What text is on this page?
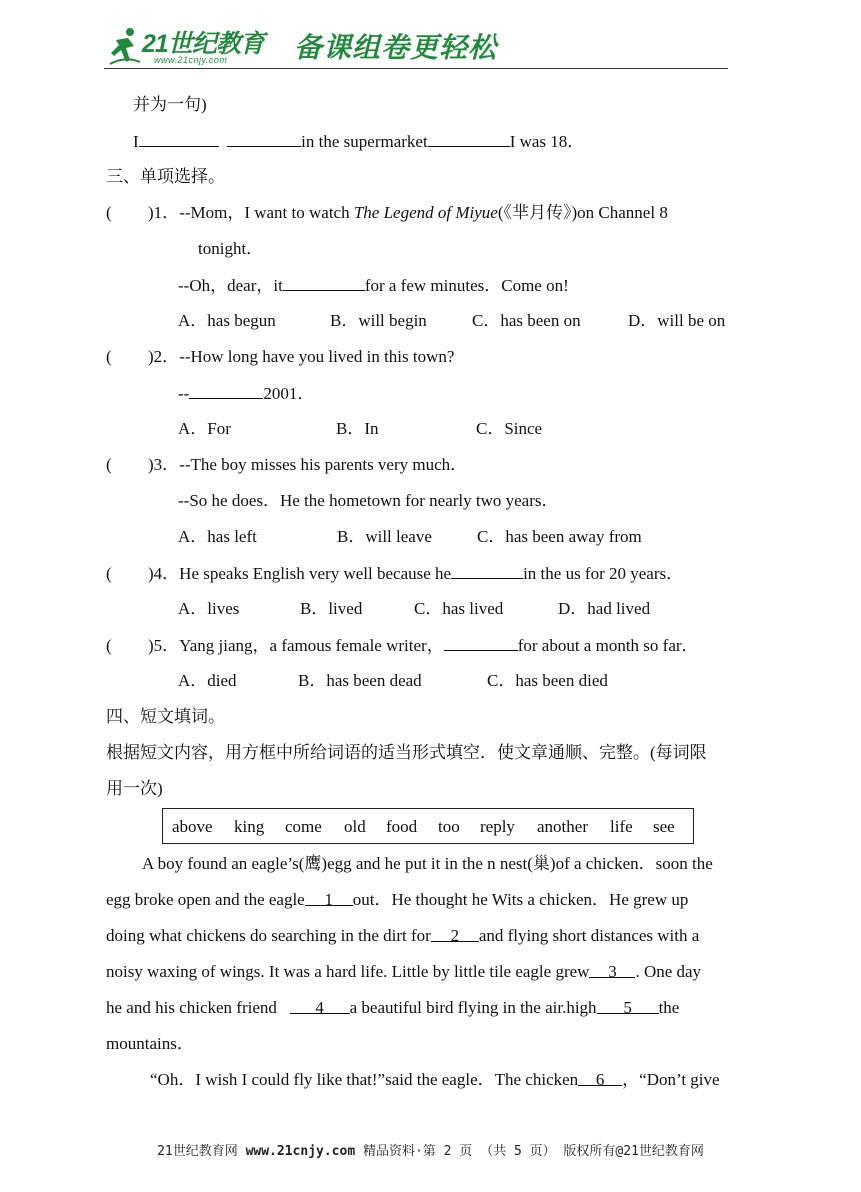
21世纪教育
www.21cnjy.com 备课组卷更轻松
并为一句)
I	in the supermarket	I was 18．
三、单项选择。
( )1．--Mom，I want to watch The Legend of Miyue(《芈月传》)on Channel 8
tonight．
--Oh，dear，it	for a few minutes．Come on!
A．has begun	B．will begin	C．has been on	D．will be on
( )2．--How long have you lived in this town?
--	2001．
A．For	B．In	C．Since
( )3．--The boy misses his parents very much．
--So he does．He the hometown for nearly two years．
A．has left	B．will leave	C．has been away from
( )4．He speaks English very well because he	in the us for 20 years．
A．lives	B．lived	C．has lived	D．had lived
( )5．Yang jiang，a famous female writer，	for about a month so far．
A．died	B．has been dead	C．has been died
四、短文填词。
根据短文内容，用方框中所给词语的适当形式填空．使文章通顺、完整。(每词限
用一次)
above king come old food too reply another life see
A boy found an eagle’s(鹰)egg and he put it in the n nest(巢)of a chicken．soon the
egg broke open and the eagle 1 out．He thought he Wits a chicken．He grew up
doing what chickens do searching in the dirt for 2 and flying short distances with a
noisy waxing of wings. It was a hard life. Little by little tile eagle grew 3 . One day
he and his chicken friend 4 a beautiful bird flying in the air.high 5 the
mountains．
“Oh．I wish I could fly like that!”said the eagle．The chicken 6 ，“Don’t give
21世纪教育网 www.21cnjy.com 精品资料·第 2 页 （共 5 页） 版权所有@21世纪教育网
